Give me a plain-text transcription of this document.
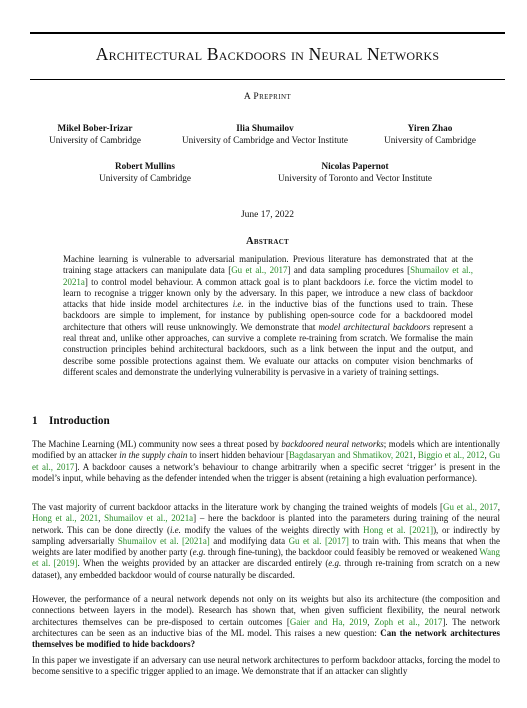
Architectural Backdoors in Neural Networks
A Preprint
Mikel Bober-Irizar
University of Cambridge
Ilia Shumailov
University of Cambridge and Vector Institute
Yiren Zhao
University of Cambridge
Robert Mullins
University of Cambridge
Nicolas Papernot
University of Toronto and Vector Institute
June 17, 2022
Abstract
Machine learning is vulnerable to adversarial manipulation. Previous literature has demonstrated that at the training stage attackers can manipulate data [Gu et al., 2017] and data sampling procedures [Shumailov et al., 2021a] to control model behaviour. A common attack goal is to plant backdoors i.e. force the victim model to learn to recognise a trigger known only by the adversary. In this paper, we introduce a new class of backdoor attacks that hide inside model architectures i.e. in the inductive bias of the functions used to train. These backdoors are simple to implement, for instance by publishing open-source code for a backdoored model architecture that others will reuse unknowingly. We demonstrate that model architectural backdoors represent a real threat and, unlike other approaches, can survive a complete re-training from scratch. We formalise the main construction principles behind architectural backdoors, such as a link between the input and the output, and describe some possible protections against them. We evaluate our attacks on computer vision benchmarks of different scales and demonstrate the underlying vulnerability is pervasive in a variety of training settings.
1 Introduction
The Machine Learning (ML) community now sees a threat posed by backdoored neural networks; models which are intentionally modified by an attacker in the supply chain to insert hidden behaviour [Bagdasaryan and Shmatikov, 2021, Biggio et al., 2012, Gu et al., 2017]. A backdoor causes a network’s behaviour to change arbitrarily when a specific secret ‘trigger’ is present in the model’s input, while behaving as the defender intended when the trigger is absent (retaining a high evaluation performance).
The vast majority of current backdoor attacks in the literature work by changing the trained weights of models [Gu et al., 2017, Hong et al., 2021, Shumailov et al., 2021a] – here the backdoor is planted into the parameters during training of the neural network. This can be done directly (i.e. modify the values of the weights directly with Hong et al. [2021]), or indirectly by sampling adversarially Shumailov et al. [2021a] and modifying data Gu et al. [2017] to train with. This means that when the weights are later modified by another party (e.g. through fine-tuning), the backdoor could feasibly be removed or weakened Wang et al. [2019]. When the weights provided by an attacker are discarded entirely (e.g. through re-training from scratch on a new dataset), any embedded backdoor would of course naturally be discarded.
However, the performance of a neural network depends not only on its weights but also its architecture (the composition and connections between layers in the model). Research has shown that, when given sufficient flexibility, the neural network architectures themselves can be pre-disposed to certain outcomes [Gaier and Ha, 2019, Zoph et al., 2017]. The network architectures can be seen as an inductive bias of the ML model. This raises a new question: Can the network architectures themselves be modified to hide backdoors?
In this paper we investigate if an adversary can use neural network architectures to perform backdoor attacks, forcing the model to become sensitive to a specific trigger applied to an image. We demonstrate that if an attacker can slightly
